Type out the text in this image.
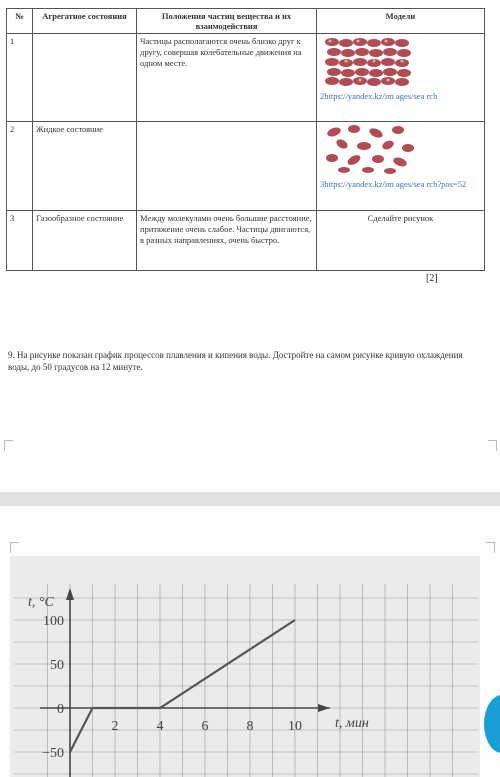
№	Агрегатное состояния	Положения частиц вещества и их взаимодействия	Модели
1		Частицы располагаются очень близко друг к другу, совершая колебательные движения на одном месте.	2https://yandex.kz/im ages/sea rch

2	Жидкое состояние		3https://yandex.kz/im ages/sea rch?pos=52

3	Газообразное состояние	Между молекулами очень большие расстояние, притяжение очень слабое. Частицы двигаются, в разных направлениях, очень быстро.	Сделайте рисунок
[2]
9. На рисунке показан график процессов плавления и кипения воды. Достройте на самом рисунке кривую охлаждения воды, до 50 градусов на 12 минуте.
2	4	6	8 10
100
50
0
−50
t, °C
t, мин
